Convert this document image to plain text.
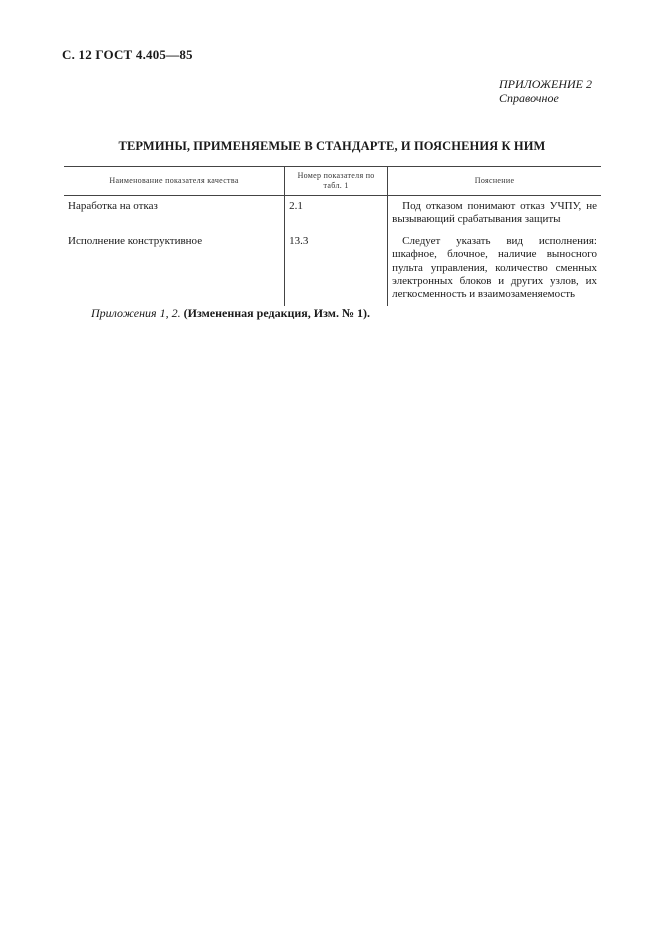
С. 12 ГОСТ 4.405—85
ПРИЛОЖЕНИЕ 2
Справочное
ТЕРМИНЫ, ПРИМЕНЯЕМЫЕ В СТАНДАРТЕ, И ПОЯСНЕНИЯ К НИМ
Наименование показателя качества	Номер показателя по табл. 1	Пояснение
Наработка на отказ	2.1	Под отказом понимают отказ УЧПУ, не вызывающий срабатывания защиты
Исполнение конструктивное	13.3	Следует указать вид исполнения: шкафное, блочное, наличие выносного пульта управления, количество сменных электронных блоков и других узлов, их легкосменность и взаимозаменяемость
Приложения 1, 2. (Измененная редакция, Изм. № 1).
